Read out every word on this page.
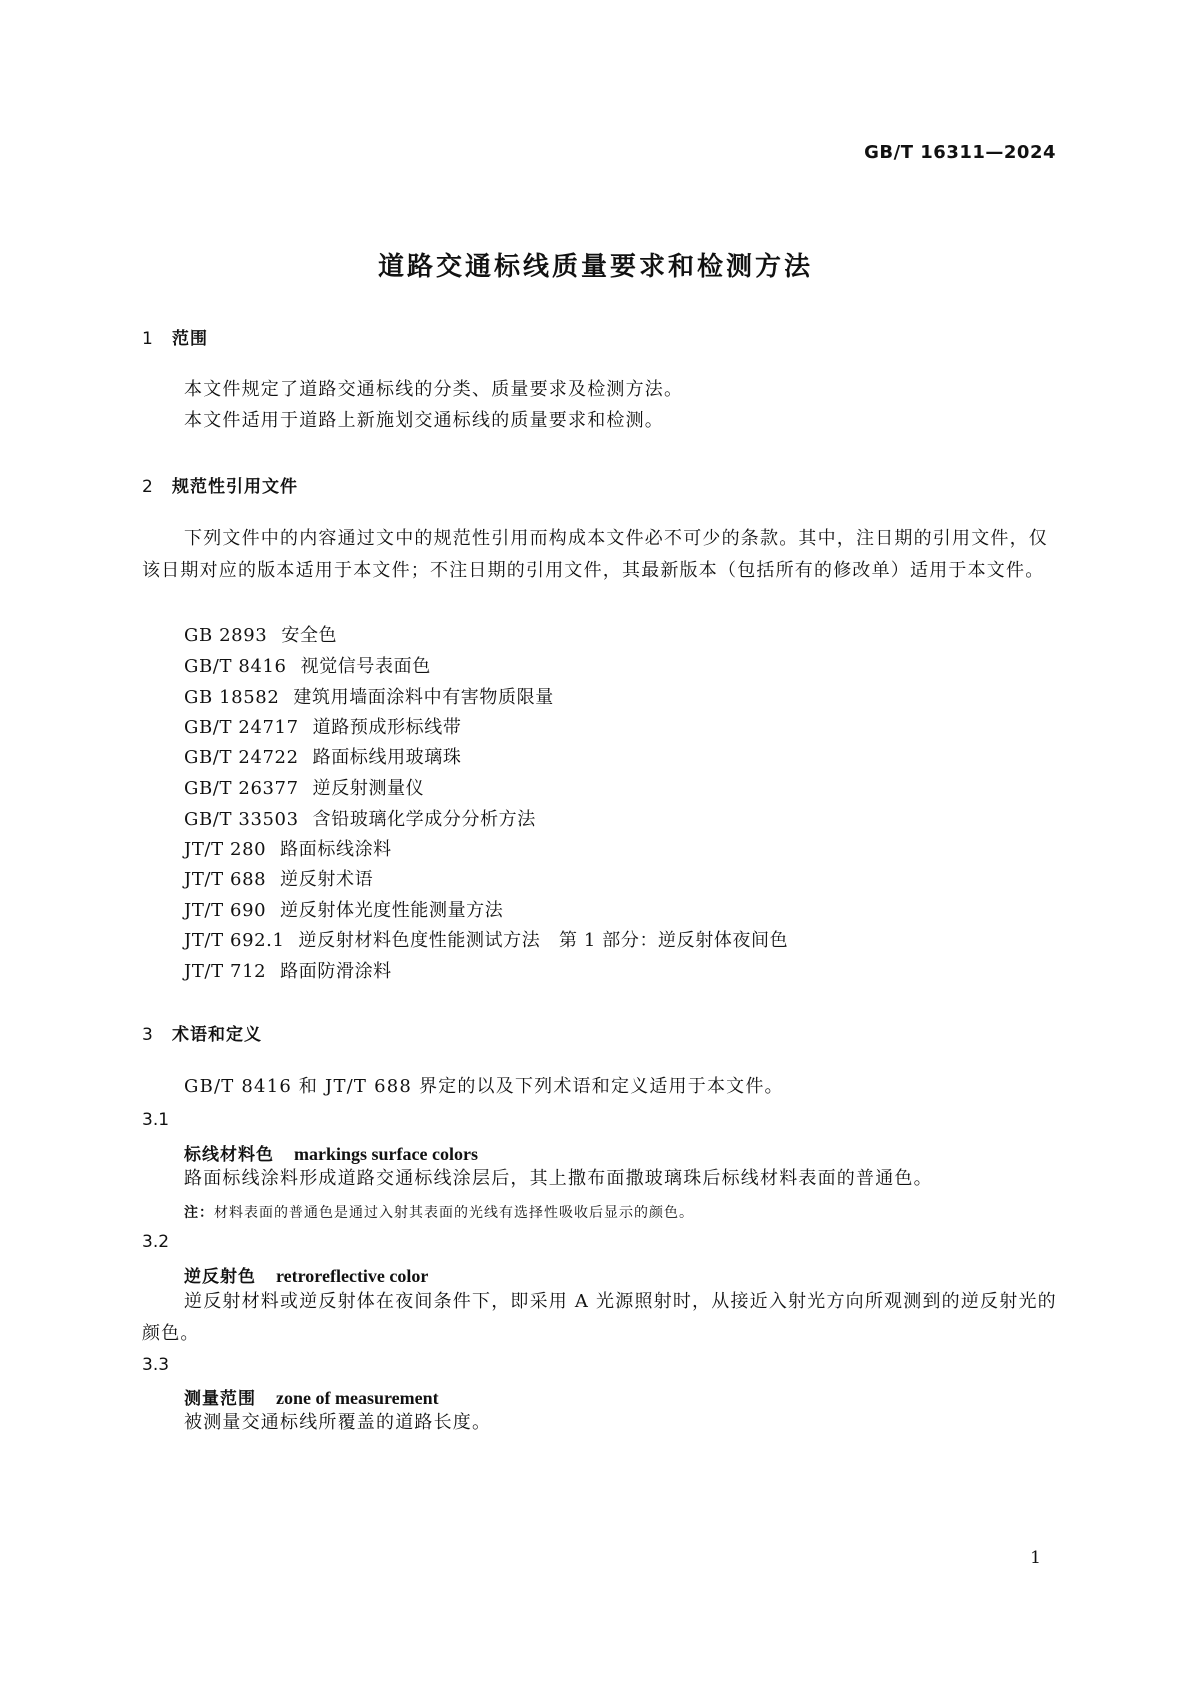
GB/T 16311—2024
道路交通标线质量要求和检测方法
1 范围
本文件规定了道路交通标线的分类、质量要求及检测方法。
本文件适用于道路上新施划交通标线的质量要求和检测。
2 规范性引用文件
下列文件中的内容通过文中的规范性引用而构成本文件必不可少的条款。其中，注日期的引用文件，仅该日期对应的版本适用于本文件；不注日期的引用文件，其最新版本（包括所有的修改单）适用于本文件。
GB 2893 安全色
GB/T 8416 视觉信号表面色
GB 18582 建筑用墙面涂料中有害物质限量
GB/T 24717 道路预成形标线带
GB/T 24722 路面标线用玻璃珠
GB/T 26377 逆反射测量仪
GB/T 33503 含铅玻璃化学成分分析方法
JT/T 280 路面标线涂料
JT/T 688 逆反射术语
JT/T 690 逆反射体光度性能测量方法
JT/T 692.1 逆反射材料色度性能测试方法　第 1 部分：逆反射体夜间色
JT/T 712 路面防滑涂料
3 术语和定义
GB/T 8416 和 JT/T 688 界定的以及下列术语和定义适用于本文件。
3.1
标线材料色 markings surface colors
路面标线涂料形成道路交通标线涂层后，其上撒布面撒玻璃珠后标线材料表面的普通色。
注：材料表面的普通色是通过入射其表面的光线有选择性吸收后显示的颜色。
3.2
逆反射色 retroreflective color
逆反射材料或逆反射体在夜间条件下，即采用 A 光源照射时，从接近入射光方向所观测到的逆反射光的颜色。
3.3
测量范围 zone of measurement
被测量交通标线所覆盖的道路长度。
1
